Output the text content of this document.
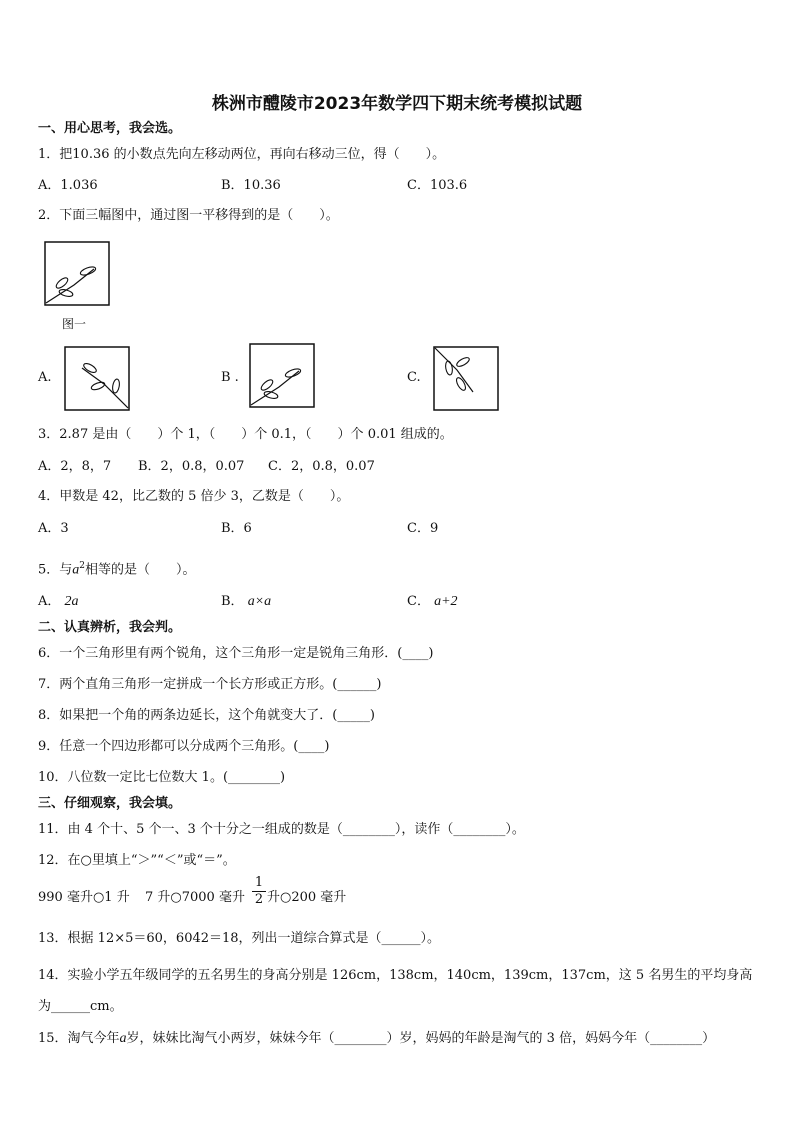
株洲市醴陵市2023年数学四下期末统考模拟试题
一、用心思考，我会选。
1．把10.36 的小数点先向左移动两位，再向右移动三位，得（　　）。
A．1.036	B．10.36	C．103.6
2．下面三幅图中，通过图一平移得到的是（　　）。
图一
A.	B .	C.
3．2.87 是由（　　）个 1，（　　）个 0.1，（　　）个 0.01 组成的。
A．2，8，7 B．2，0.8，0.07 C．2，0.8，0.07
4．甲数是 42，比乙数的 5 倍少 3，乙数是（　　）。
A．3	B．6	C．9
5．与$a^2$相等的是（　　）。
A． 2a	B． a×a	C． a+2
二、认真辨析，我会判。
6．一个三角形里有两个锐角，这个三角形一定是锐角三角形．(____)
7．两个直角三角形一定拼成一个长方形或正方形。(______)
8．如果把一个角的两条边延长，这个角就变大了．(_____)
9．任意一个四边形都可以分成两个三角形。(____)
10．八位数一定比七位数大 1。(________)
三、仔细观察，我会填。
11．由 4 个十、5 个一、3 个十分之一组成的数是（________），读作（________）。
12．在○里填上“＞”“＜”或“＝”。
990 毫升○1 升 7 升○7000 毫升
1
2 升○200 毫升
13．根据 12×5＝60，6042＝18，列出一道综合算式是（______）。
14．实验小学五年级同学的五名男生的身高分别是 126cm，138cm，140cm，139cm，137cm，这 5 名男生的平均身高
为______cm。
15．淘气今年a岁，妹妹比淘气小两岁，妹妹今年（________）岁，妈妈的年龄是淘气的 3 倍，妈妈今年（________）
